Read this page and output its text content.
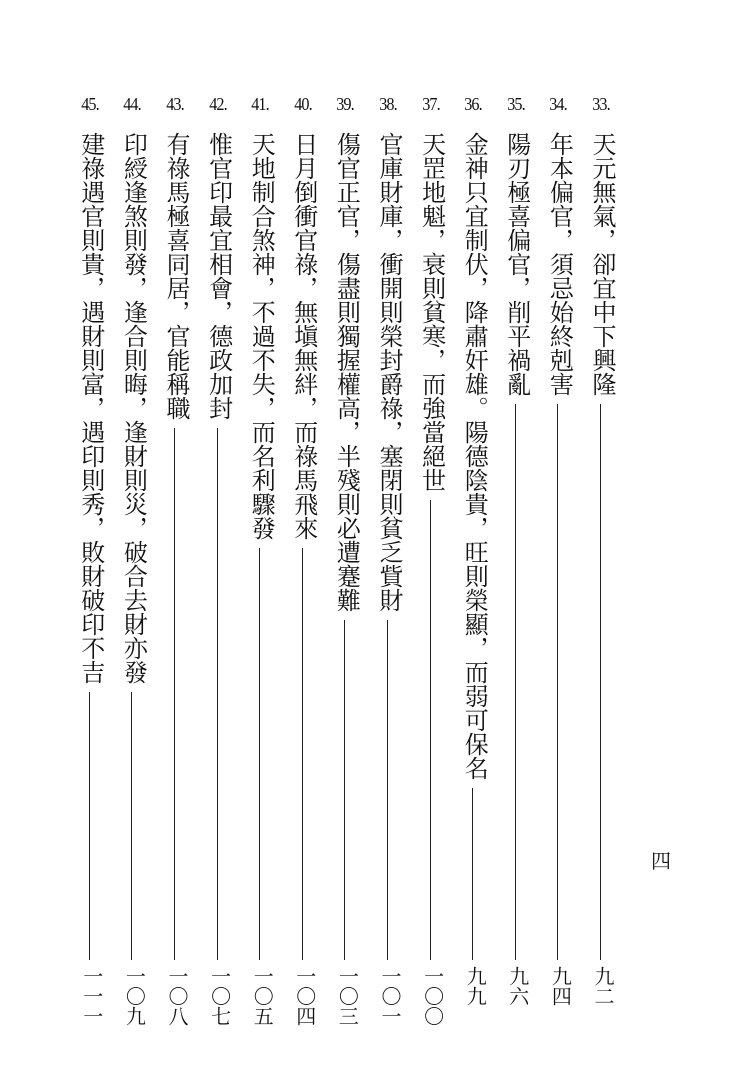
33.
天元無氣，卻宜中下興隆
九二
34.
年本偏官，須忌始終剋害
九四
35.
陽刃極喜偏官，削平禍亂
九六
36.
金神只宜制伏，降肅奸雄。陽德陰貴，旺則榮顯，而弱可保名
九九
37.
天罡地魁，衰則貧寒，而強當絕世
一〇〇
38.
官庫財庫，衝開則榮封爵祿，塞閉則貧乏貲財
一〇一
39.
傷官正官，傷盡則獨握權高，半殘則必遭蹇難
一〇三
40.
日月倒衝官祿，無塡無絆，而祿馬飛來
一〇四
41.
天地制合煞神，不過不失，而名利驟發
一〇五
42.
惟官印最宜相會，德政加封
一〇七
43.
有祿馬極喜同居，官能稱職
一〇八
44.
印綬逢煞則發，逢合則晦，逢財則災，破合去財亦發
一〇九
45.
建祿遇官則貴，遇財則富，遇印則秀，敗財破印不吉
一一一
四
